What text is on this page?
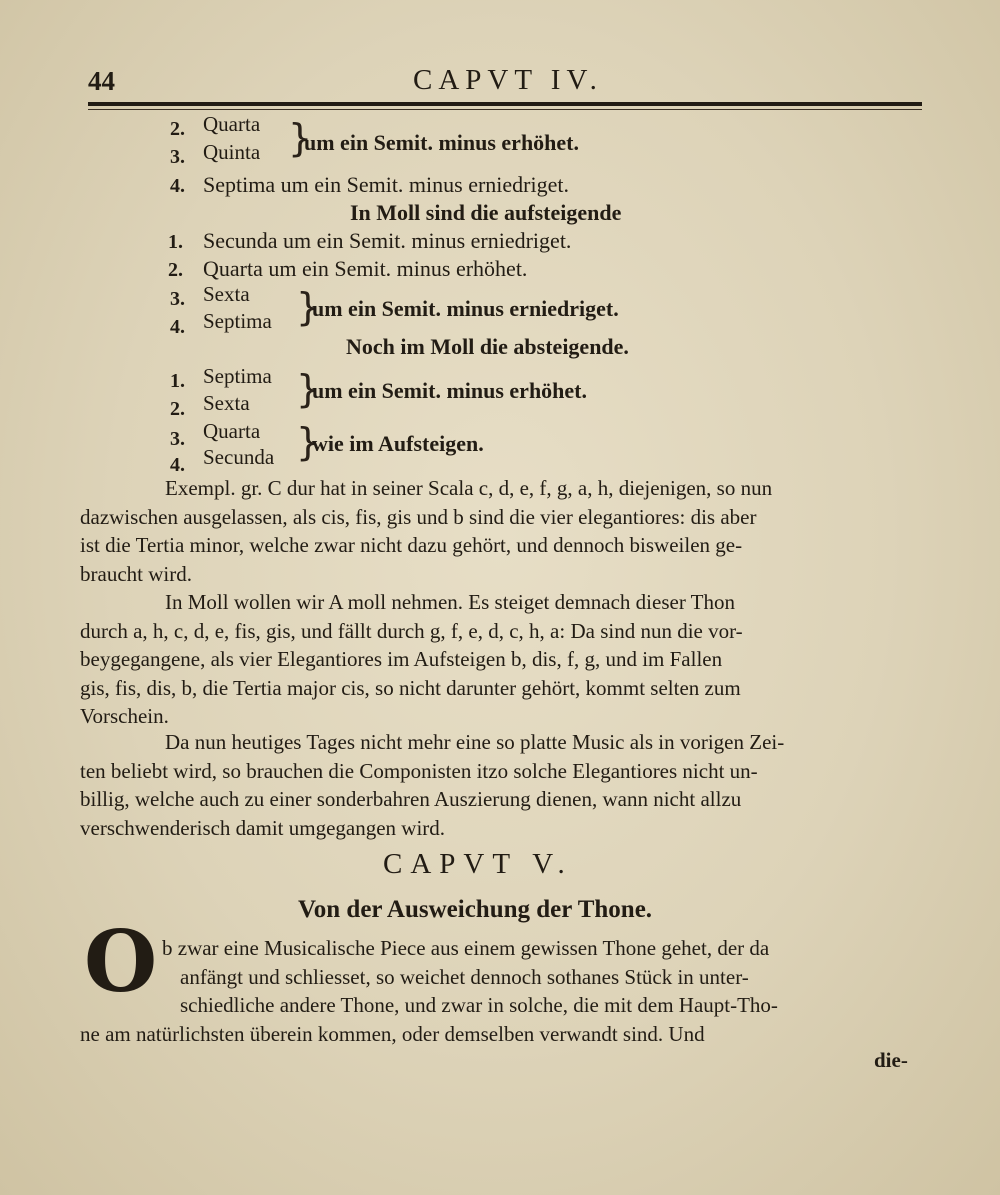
44	CAPVT IV.
2. Quarta
3. Quinta }
um ein Semit. minus erhöhet.
4. Septima um ein Semit. minus erniedriget.
In Moll sind die aufsteigende
1. Secunda um ein Semit. minus erniedriget.
2. Quarta um ein Semit. minus erhöhet.
3. Sexta
4. Septima }
um ein Semit. minus erniedriget.
Noch im Moll die absteigende.
1. Septima
2. Sexta }
um ein Semit. minus erhöhet.
3. Quarta
4. Secunda }
wie im Aufsteigen.
Exempl. gr. C dur hat in seiner Scala c, d, e, f, g, a, h, diejenigen, so nun
dazwischen ausgelassen, als cis, fis, gis und b sind die vier elegantiores: dis aber
ist die Tertia minor, welche zwar nicht dazu gehört, und dennoch bisweilen ge-
braucht wird.
In Moll wollen wir A moll nehmen. Es steiget demnach dieser Thon
durch a, h, c, d, e, fis, gis, und fällt durch g, f, e, d, c, h, a: Da sind nun die vor-
beygegangene, als vier Elegantiores im Aufsteigen b, dis, f, g, und im Fallen
gis, fis, dis, b, die Tertia major cis, so nicht darunter gehört, kommt selten zum
Vorschein.
Da nun heutiges Tages nicht mehr eine so platte Music als in vorigen Zei-
ten beliebt wird, so brauchen die Componisten itzo solche Elegantiores nicht un-
billig, welche auch zu einer sonderbahren Auszierung dienen, wann nicht allzu
verschwenderisch damit umgegangen wird.
CAPVT V.
Von der Ausweichung der Thone.
O b zwar eine Musicalische Piece aus einem gewissen Thone gehet, der da
anfängt und schliesset, so weichet dennoch sothanes Stück in unter-
schiedliche andere Thone, und zwar in solche, die mit dem Haupt-Tho-
ne am natürlichsten überein kommen, oder demselben verwandt sind. Und
die-
